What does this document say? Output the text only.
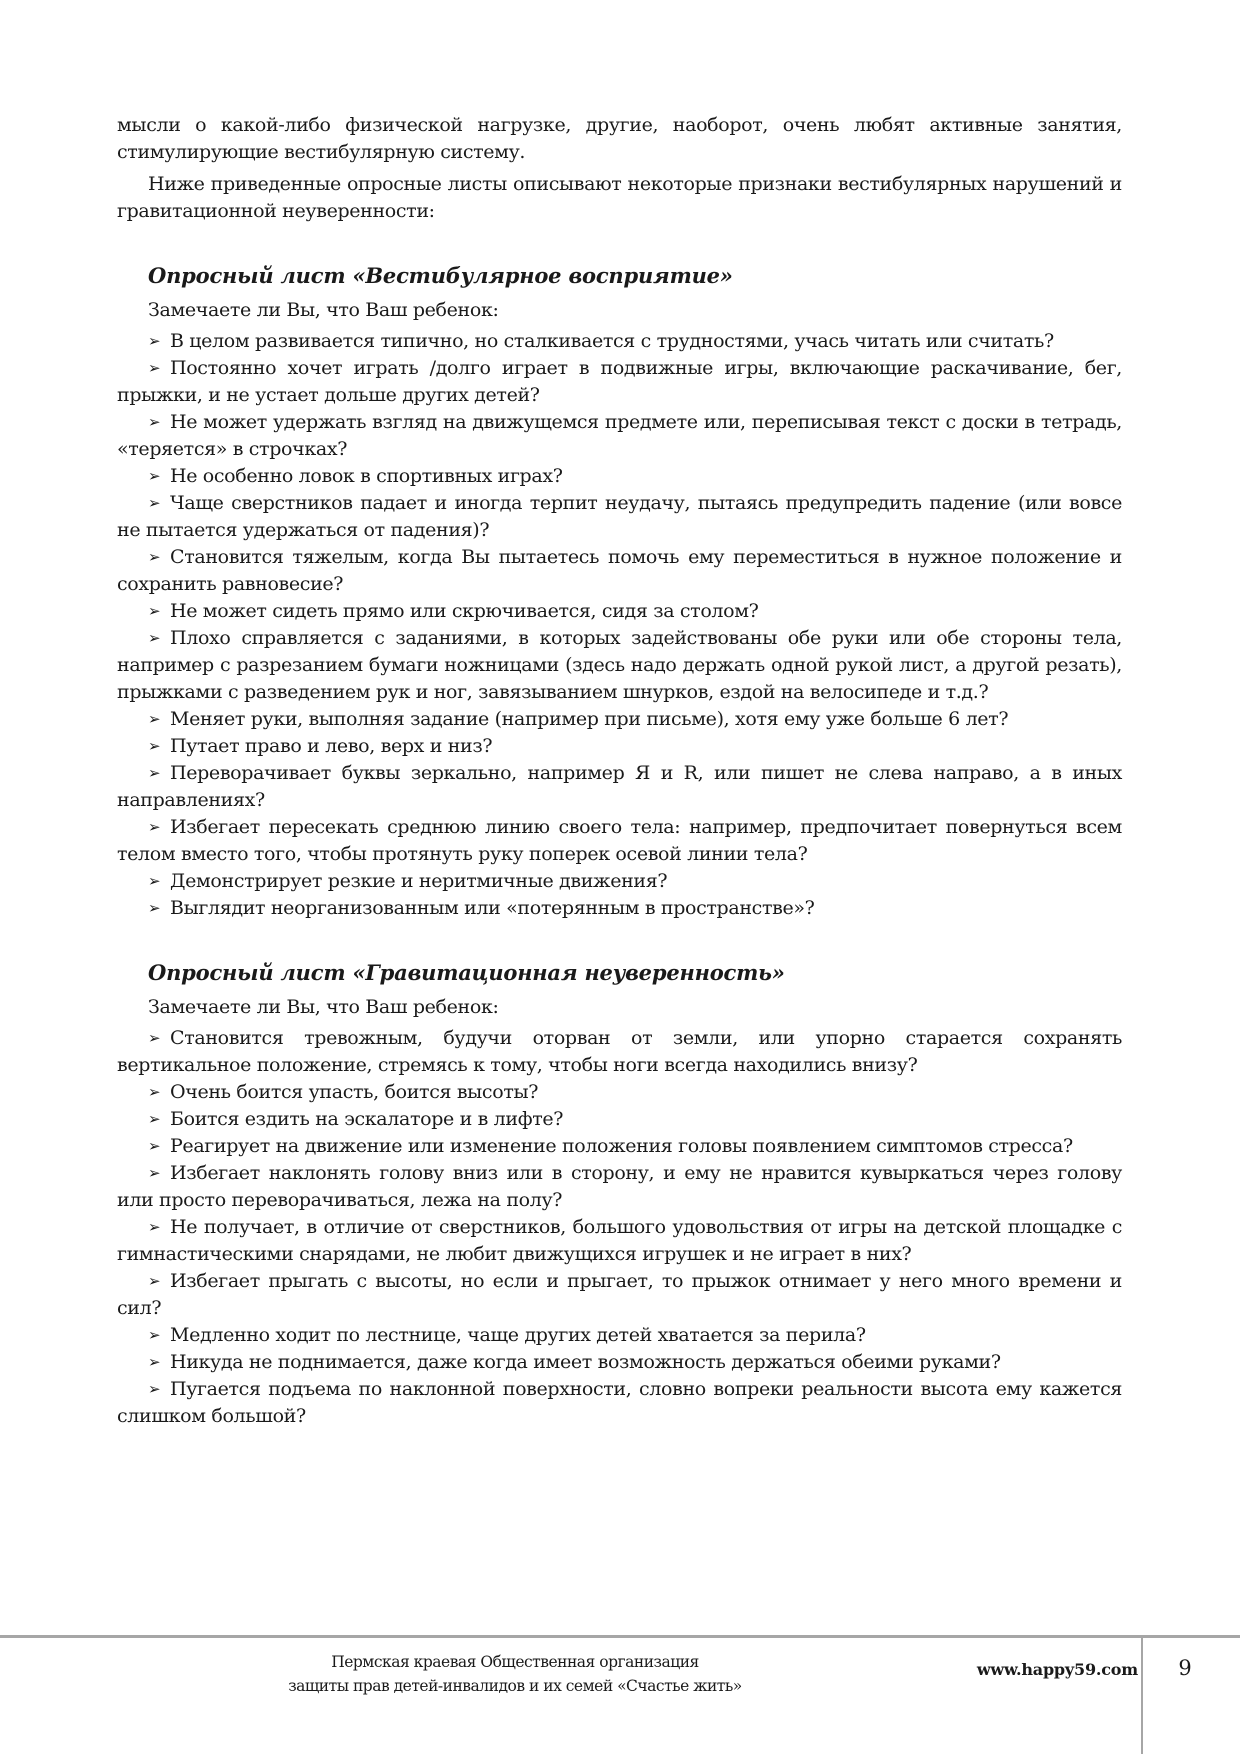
мысли о какой-либо физической нагрузке, другие, наоборот, очень любят активные занятия, стимулирующие вестибулярную систему.

Ниже приведенные опросные листы описывают некоторые признаки вестибулярных нарушений и гравитационной неуверенности:

Опросный лист «Вестибулярное восприятие»

Замечаете ли Вы, что Ваш ребенок:

➢ В целом развивается типично, но сталкивается с трудностями, учась читать или считать?

➢ Постоянно хочет играть /долго играет в подвижные игры, включающие раскачивание, бег, прыжки, и не устает дольше других детей?

➢ Не может удержать взгляд на движущемся предмете или, переписывая текст с доски в тетрадь, «теряется» в строчках?

➢ Не особенно ловок в спортивных играх?

➢ Чаще сверстников падает и иногда терпит неудачу, пытаясь предупредить падение (или вовсе не пытается удержаться от падения)?

➢ Становится тяжелым, когда Вы пытаетесь помочь ему переместиться в нужное положение и сохранить равновесие?

➢ Не может сидеть прямо или скрючивается, сидя за столом?

➢ Плохо справляется с заданиями, в которых задействованы обе руки или обе стороны тела, например с разрезанием бумаги ножницами (здесь надо держать одной рукой лист, а другой резать), прыжками с разведением рук и ног, завязыванием шнурков, ездой на велосипеде и т.д.?

➢ Меняет руки, выполняя задание (например при письме), хотя ему уже больше 6 лет?

➢ Путает право и лево, верх и низ?

➢ Переворачивает буквы зеркально, например Я и R, или пишет не слева направо, а в иных направлениях?

➢ Избегает пересекать среднюю линию своего тела: например, предпочитает повернуться всем телом вместо того, чтобы протянуть руку поперек осевой линии тела?

➢ Демонстрирует резкие и неритмичные движения?

➢ Выглядит неорганизованным или «потерянным в пространстве»?

Опросный лист «Гравитационная неуверенность»

Замечаете ли Вы, что Ваш ребенок:

➢ Становится тревожным, будучи оторван от земли, или упорно старается сохранять вертикальное положение, стремясь к тому, чтобы ноги всегда находились внизу?

➢ Очень боится упасть, боится высоты?

➢ Боится ездить на эскалаторе и в лифте?

➢ Реагирует на движение или изменение положения головы появлением симптомов стресса?

➢ Избегает наклонять голову вниз или в сторону, и ему не нравится кувыркаться через голову или просто переворачиваться, лежа на полу?

➢ Не получает, в отличие от сверстников, большого удовольствия от игры на детской площадке с гимнастическими снарядами, не любит движущихся игрушек и не играет в них?

➢ Избегает прыгать с высоты, но если и прыгает, то прыжок отнимает у него много времени и сил?

➢ Медленно ходит по лестнице, чаще других детей хватается за перила?

➢ Никуда не поднимается, даже когда имеет возможность держаться обеими руками?

➢ Пугается подъема по наклонной поверхности, словно вопреки реальности высота ему кажется слишком большой?

Пермская краевая Общественная организация
защиты прав детей-инвалидов и их семей «Счастье жить»
www.happy59.com	9
